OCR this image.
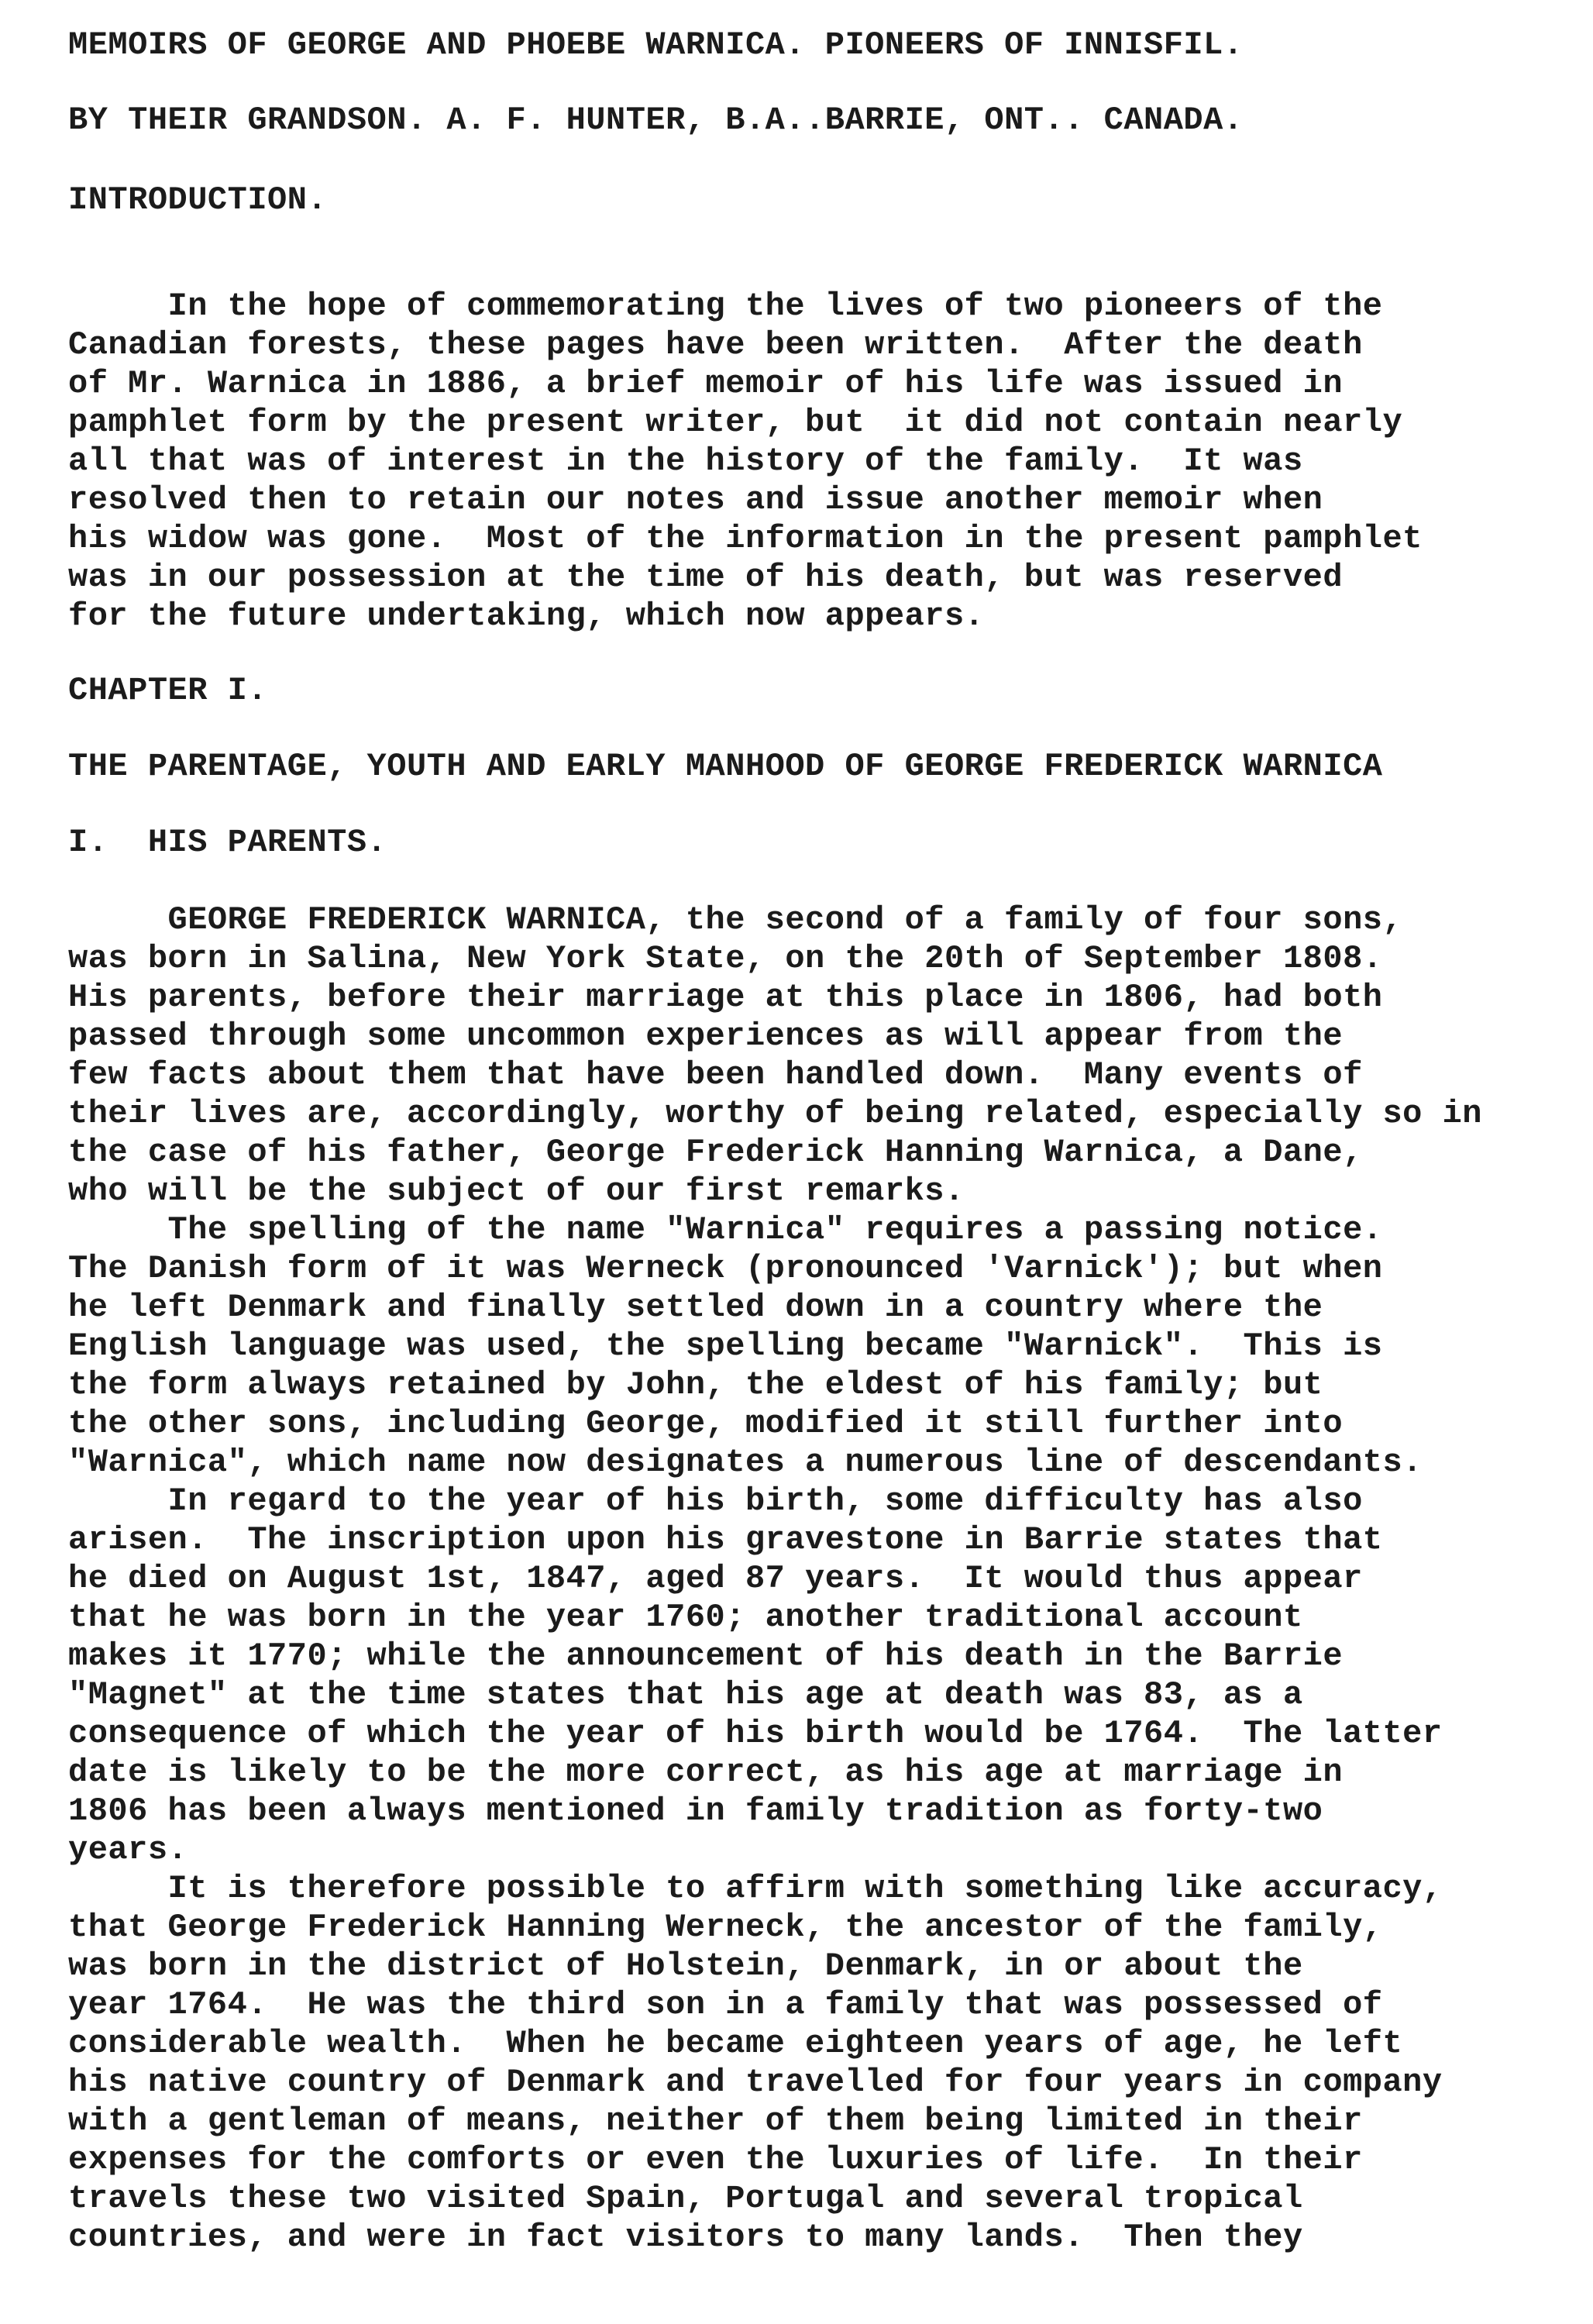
MEMOIRS OF GEORGE AND PHOEBE WARNICA. PIONEERS OF INNISFIL.
BY THEIR GRANDSON. A. F. HUNTER, B.A..BARRIE, ONT.. CANADA.
INTRODUCTION.
In the hope of commemorating the lives of two pioneers of the
Canadian forests, these pages have been written.  After the death
of Mr. Warnica in 1886, a brief memoir of his life was issued in
pamphlet form by the present writer, but  it did not contain nearly
all that was of interest in the history of the family.  It was
resolved then to retain our notes and issue another memoir when
his widow was gone.  Most of the information in the present pamphlet
was in our possession at the time of his death, but was reserved
for the future undertaking, which now appears.
CHAPTER I.
THE PARENTAGE, YOUTH AND EARLY MANHOOD OF GEORGE FREDERICK WARNICA
I.  HIS PARENTS.
GEORGE FREDERICK WARNICA, the second of a family of four sons,
was born in Salina, New York State, on the 20th of September 1808.
His parents, before their marriage at this place in 1806, had both
passed through some uncommon experiences as will appear from the
few facts about them that have been handled down.  Many events of
their lives are, accordingly, worthy of being related, especially so in
the case of his father, George Frederick Hanning Warnica, a Dane,
who will be the subject of our first remarks.
The spelling of the name "Warnica" requires a passing notice.
The Danish form of it was Werneck (pronounced 'Varnick'); but when
he left Denmark and finally settled down in a country where the
English language was used, the spelling became "Warnick".  This is
the form always retained by John, the eldest of his family; but
the other sons, including George, modified it still further into
"Warnica", which name now designates a numerous line of descendants.
In regard to the year of his birth, some difficulty has also
arisen.  The inscription upon his gravestone in Barrie states that
he died on August 1st, 1847, aged 87 years.  It would thus appear
that he was born in the year 1760; another traditional account
makes it 1770; while the announcement of his death in the Barrie
"Magnet" at the time states that his age at death was 83, as a
consequence of which the year of his birth would be 1764.  The latter
date is likely to be the more correct, as his age at marriage in
1806 has been always mentioned in family tradition as forty-two
years.
It is therefore possible to affirm with something like accuracy,
that George Frederick Hanning Werneck, the ancestor of the family,
was born in the district of Holstein, Denmark, in or about the
year 1764.  He was the third son in a family that was possessed of
considerable wealth.  When he became eighteen years of age, he left
his native country of Denmark and travelled for four years in company
with a gentleman of means, neither of them being limited in their
expenses for the comforts or even the luxuries of life.  In their
travels these two visited Spain, Portugal and several tropical
countries, and were in fact visitors to many lands.  Then they
